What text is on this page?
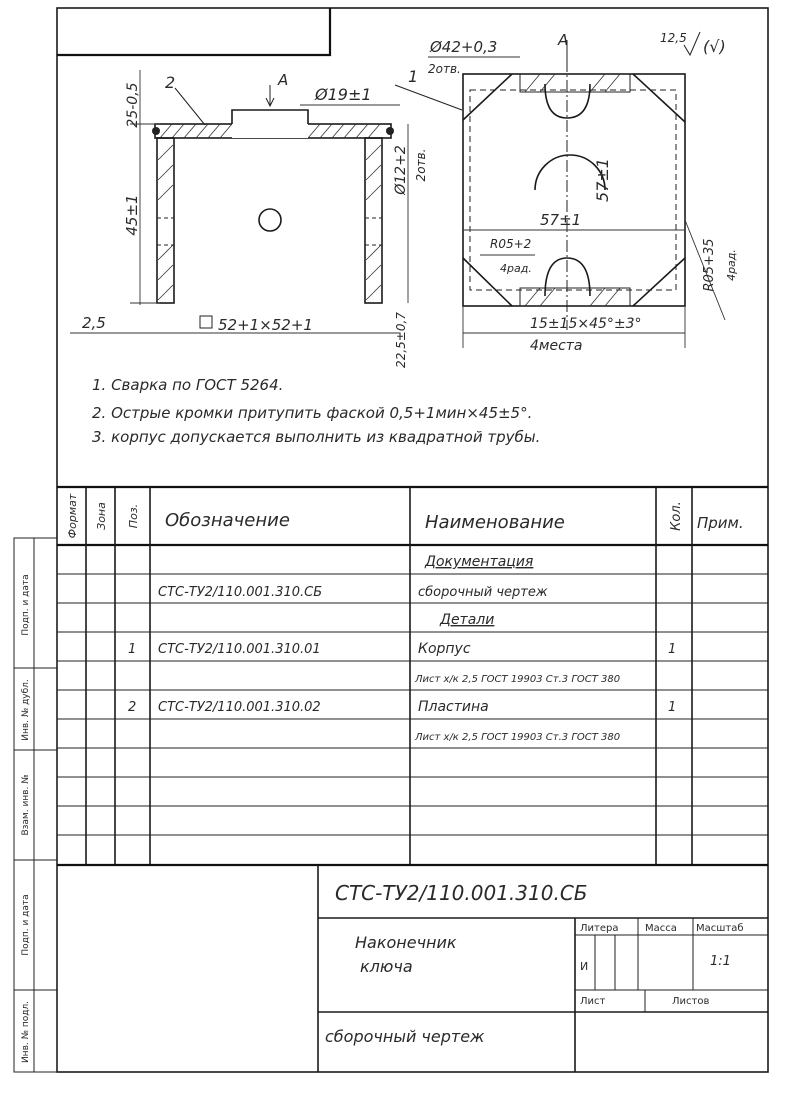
Подп. и дата
Инв. № дубл.
Взам. инв. №
Подп. и дата
Инв. № подл.
12,5 (√)
2	1
A
25-0,5
45±1
Ø19±1
Ø12+2 2отв.
2,5	52+1×52+1	22,5±0,7
A
Ø42+0,3
2отв.
57±1
57±1
R05+2
4рад.	R05+35 4рад.
15±15×45°±3°
4места
1. Сварка по ГОСТ 5264.
2. Острые кромки притупить фаской 0,5+1мин×45±5°.
3. корпус допускается выполнить из квадратной трубы.
Формат Зона Поз. Обозначение	Наименование	Кол. Прим.
Документация
СТС-ТУ2/110.001.310.СБ	сборочный чертеж
Детали
1 СТС-ТУ2/110.001.310.01	Корпус	1
Лист х/к 2,5 ГОСТ 19903 Ст.3 ГОСТ 380
2 СТС-ТУ2/110.001.310.02	Пластина	1
Лист х/к 2,5 ГОСТ 19903 Ст.3 ГОСТ 380
СТС-ТУ2/110.001.310.СБ
Наконечник
ключа
сборочный чертеж
Литера	Масса Масштаб
И	1:1
Лист	Листов
